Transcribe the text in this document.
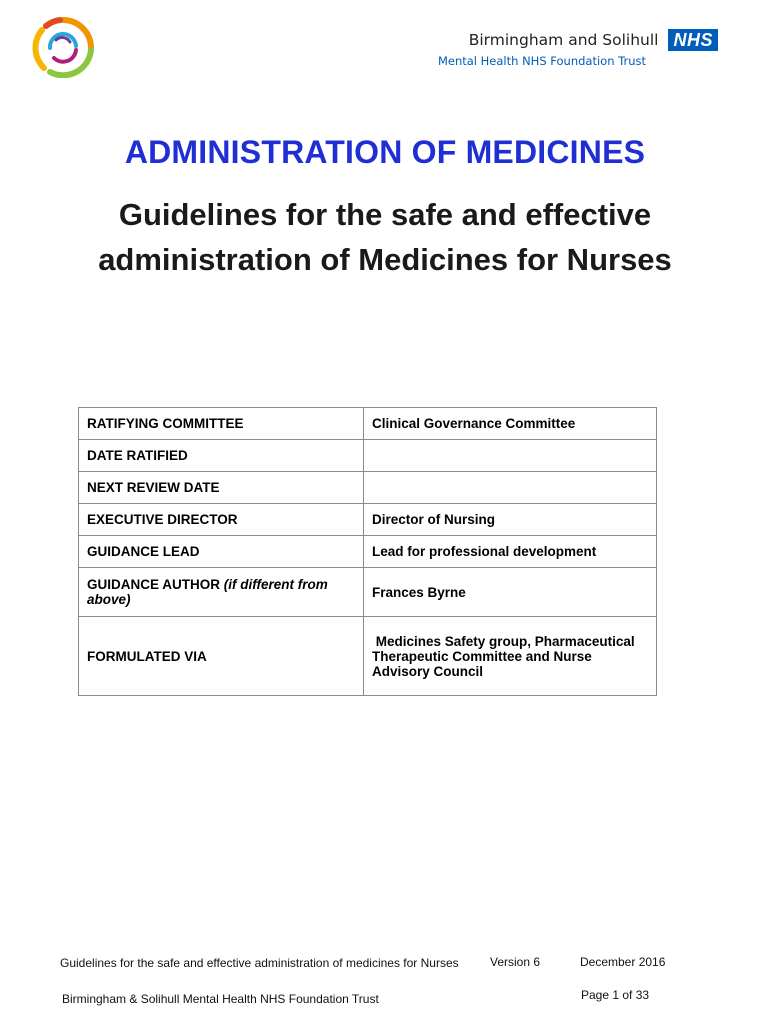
Birmingham and Solihull NHS
Mental Health NHS Foundation Trust
ADMINISTRATION OF MEDICINES
Guidelines for the safe and effective administration of Medicines for Nurses
RATIFYING COMMITTEE	Clinical Governance Committee
DATE RATIFIED	
NEXT REVIEW DATE	
EXECUTIVE DIRECTOR	Director of Nursing
GUIDANCE LEAD	Lead for professional development
GUIDANCE AUTHOR (if different from above)	Frances Byrne
FORMULATED VIA	Medicines Safety group, Pharmaceutical Therapeutic Committee and Nurse Advisory Council
Guidelines for the safe and effective administration of medicines for Nurses	Version 6	December 2016
Birmingham & Solihull Mental Health NHS Foundation Trust	Page 1 of 33
